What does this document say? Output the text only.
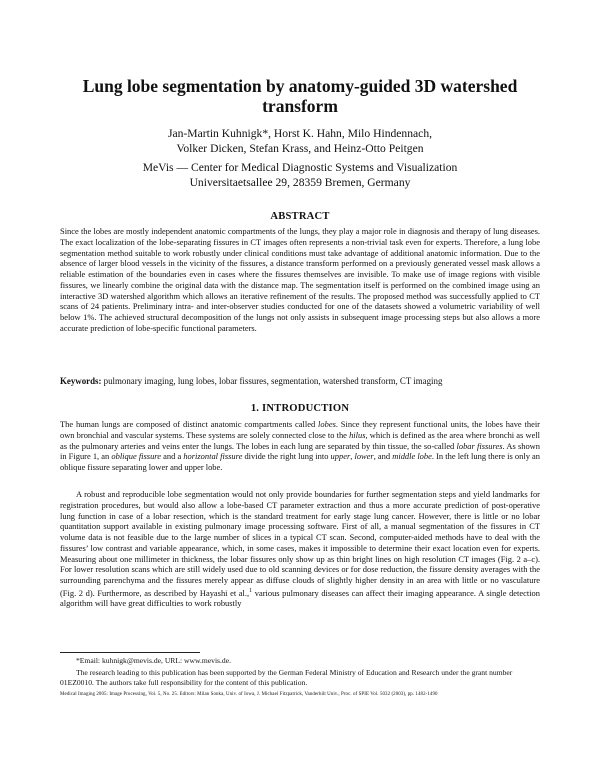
Lung lobe segmentation by anatomy-guided 3D watershed transform
Jan-Martin Kuhnigk*, Horst K. Hahn, Milo Hindennach,
Volker Dicken, Stefan Krass, and Heinz-Otto Peitgen
MeVis — Center for Medical Diagnostic Systems and Visualization
Universitaetsallee 29, 28359 Bremen, Germany
ABSTRACT

Since the lobes are mostly independent anatomic compartments of the lungs, they play a major role in diagnosis and therapy of lung diseases. The exact localization of the lobe-separating fissures in CT images often represents a non-trivial task even for experts. Therefore, a lung lobe segmentation method suitable to work robustly under clinical conditions must take advantage of additional anatomic information. Due to the absence of larger blood vessels in the vicinity of the fissures, a distance transform performed on a previously generated vessel mask allows a reliable estimation of the boundaries even in cases where the fissures themselves are invisible. To make use of image regions with visible fissures, we linearly combine the original data with the distance map. The segmentation itself is performed on the combined image using an interactive 3D watershed algorithm which allows an iterative refinement of the results. The proposed method was successfully applied to CT scans of 24 patients. Preliminary intra- and inter-observer studies conducted for one of the datasets showed a volumetric variability of well below 1%. The achieved structural decomposition of the lungs not only assists in subsequent image processing steps but also allows a more accurate prediction of lobe-specific functional parameters.

Keywords: pulmonary imaging, lung lobes, lobar fissures, segmentation, watershed transform, CT imaging

1. INTRODUCTION

The human lungs are composed of distinct anatomic compartments called lobes. Since they represent functional units, the lobes have their own bronchial and vascular systems. These systems are solely connected close to the hilus, which is defined as the area where bronchi as well as the pulmonary arteries and veins enter the lungs. The lobes in each lung are separated by thin tissue, the so-called lobar fissures. As shown in Figure 1, an oblique fissure and a horizontal fissure divide the right lung into upper, lower, and middle lobe. In the left lung there is only an oblique fissure separating lower and upper lobe.

A robust and reproducible lobe segmentation would not only provide boundaries for further segmentation steps and yield landmarks for registration procedures, but would also allow a lobe-based CT parameter extraction and thus a more accurate prediction of post-operative lung function in case of a lobar resection, which is the standard treatment for early stage lung cancer. However, there is little or no lobar quantitation support available in existing pulmonary image processing software. First of all, a manual segmentation of the fissures in CT volume data is not feasible due to the large number of slices in a typical CT scan. Second, computer-aided methods have to deal with the fissures’ low contrast and variable appearance, which, in some cases, makes it impossible to determine their exact location even for experts. Measuring about one millimeter in thickness, the lobar fissures only show up as thin bright lines on high resolution CT images (Fig. 2 a–c). For lower resolution scans which are still widely used due to old scanning devices or for dose reduction, the fissure density averages with the surrounding parenchyma and the fissures merely appear as diffuse clouds of slightly higher density in an area with little or no vasculature (Fig. 2 d). Furthermore, as described by Hayashi et al.,$^1$ various pulmonary diseases can affect their imaging appearance. A single detection algorithm will have great difficulties to work robustly

*Email: kuhnigk@mevis.de, URL: www.mevis.de.

The research leading to this publication has been supported by the German Federal Ministry of Education and Research under the grant number 01EZ0010. The authors take full responsibility for the content of this publication.

Medical Imaging 2005: Image Processing, Vol. 5, No. 25. Editors: Milan Sonka, Univ. of Iowa, J. Michael Fitzpatrick, Vanderbilt Univ., Proc. of SPIE Vol. 5032 (2003), pp. 1482-1490
